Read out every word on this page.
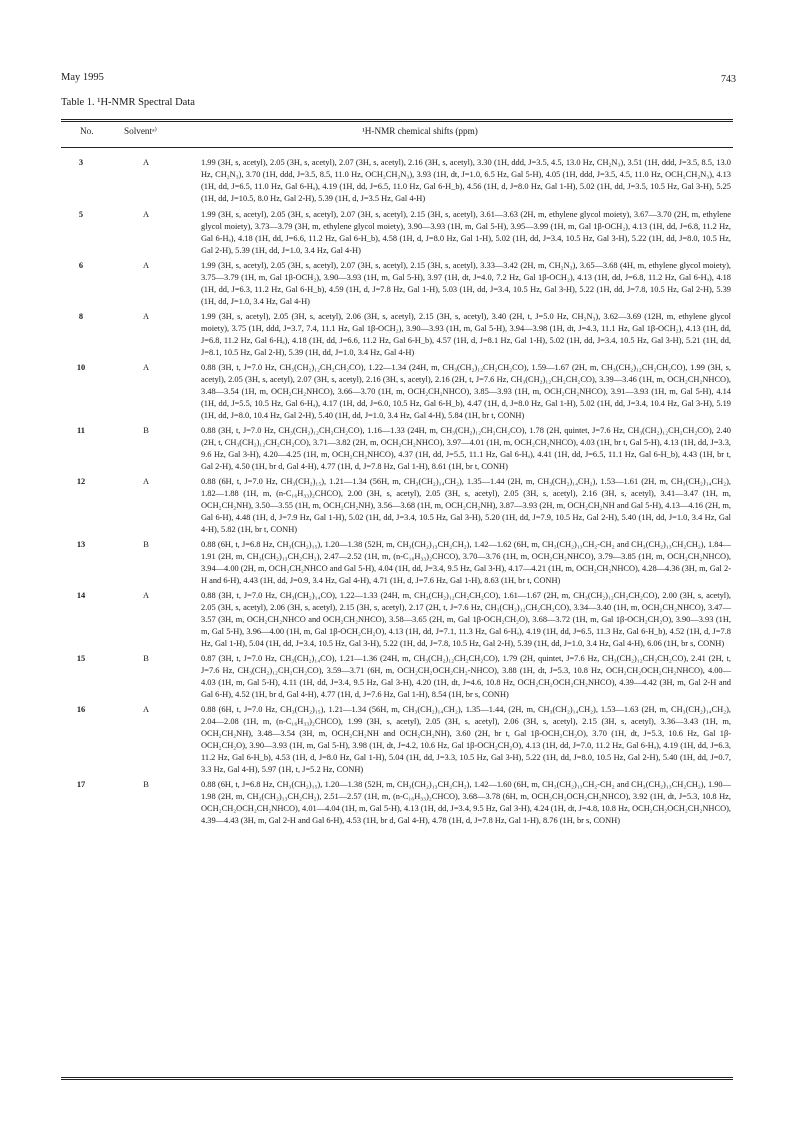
May 1995	743
Table 1. ¹H-NMR Spectral Data
No.	Solventᵃ⁾	¹H-NMR chemical shifts (ppm)
3	A	1.99 (3H, s, acetyl), 2.05 (3H, s, acetyl), 2.07 (3H, s, acetyl), 2.16 (3H, s, acetyl), 3.30 (1H, ddd, J=3.5, 4.5, 13.0 Hz, CH₂N₃), 3.51 (1H, ddd, J=3.5, 8.5, 13.0 Hz, CH₂N₃), 3.70 (1H, ddd, J=3.5, 8.5, 11.0 Hz, OCH₂CH₂N₃), 3.93 (1H, dt, J=1.0, 6.5 Hz, Gal 5-H), 4.05 (1H, ddd, J=3.5, 4.5, 11.0 Hz, OCH₂CH₂N₃), 4.13 (1H, dd, J=6.5, 11.0 Hz, Gal 6-Hₐ), 4.19 (1H, dd, J=6.5, 11.0 Hz, Gal 6-H_b), 4.56 (1H, d, J=8.0 Hz, Gal 1-H), 5.02 (1H, dd, J=3.5, 10.5 Hz, Gal 3-H), 5.25 (1H, dd, J=10.5, 8.0 Hz, Gal 2-H), 5.39 (1H, d, J=3.5 Hz, Gal 4-H)
5	A	1.99 (3H, s, acetyl), 2.05 (3H, s, acetyl), 2.07 (3H, s, acetyl), 2.15 (3H, s, acetyl), 3.61—3.63 (2H, m, ethylene glycol moiety), 3.67—3.70 (2H, m, ethylene glycol moiety), 3.73—3.79 (3H, m, ethylene glycol moiety), 3.90—3.93 (1H, m, Gal 5-H), 3.95—3.99 (1H, m, Gal 1β-OCH₂), 4.13 (1H, dd, J=6.8, 11.2 Hz, Gal 6-Hₐ), 4.18 (1H, dd, J=6.6, 11.2 Hz, Gal 6-H_b), 4.58 (1H, d, J=8.0 Hz, Gal 1-H), 5.02 (1H, dd, J=3.4, 10.5 Hz, Gal 3-H), 5.22 (1H, dd, J=8.0, 10.5 Hz, Gal 2-H), 5.39 (1H, dd, J=1.0, 3.4 Hz, Gal 4-H)
6	A	1.99 (3H, s, acetyl), 2.05 (3H, s, acetyl), 2.07 (3H, s, acetyl), 2.15 (3H, s, acetyl), 3.33—3.42 (2H, m, CH₂N₃), 3.65—3.68 (4H, m, ethylene glycol moiety), 3.75—3.79 (1H, m, Gal 1β-OCH₂), 3.90—3.93 (1H, m, Gal 5-H), 3.97 (1H, dt, J=4.0, 7.2 Hz, Gal 1β-OCH₂), 4.13 (1H, dd, J=6.8, 11.2 Hz, Gal 6-Hₐ), 4.18 (1H, dd, J=6.3, 11.2 Hz, Gal 6-H_b), 4.59 (1H, d, J=7.8 Hz, Gal 1-H), 5.03 (1H, dd, J=3.4, 10.5 Hz, Gal 3-H), 5.22 (1H, dd, J=7.8, 10.5 Hz, Gal 2-H), 5.39 (1H, dd, J=1.0, 3.4 Hz, Gal 4-H)
8	A	1.99 (3H, s, acetyl), 2.05 (3H, s, acetyl), 2.06 (3H, s, acetyl), 2.15 (3H, s, acetyl), 3.40 (2H, t, J=5.0 Hz, CH₂N₃), 3.62—3.69 (12H, m, ethylene glycol moiety), 3.75 (1H, ddd, J=3.7, 7.4, 11.1 Hz, Gal 1β-OCH₂), 3.90—3.93 (1H, m, Gal 5-H), 3.94—3.98 (1H, dt, J=4.3, 11.1 Hz, Gal 1β-OCH₂), 4.13 (1H, dd, J=6.8, 11.2 Hz, Gal 6-Hₐ), 4.18 (1H, dd, J=6.6, 11.2 Hz, Gal 6-H_b), 4.57 (1H, d, J=8.1 Hz, Gal 1-H), 5.02 (1H, dd, J=3.4, 10.5 Hz, Gal 3-H), 5.21 (1H, dd, J=8.1, 10.5 Hz, Gal 2-H), 5.39 (1H, dd, J=1.0, 3.4 Hz, Gal 4-H)
10	A	0.88 (3H, t, J=7.0 Hz, CH₃(CH₂)₁₂CH₂CH₂CO), 1.22—1.34 (24H, m, CH₃(CH₂)₁₂CH₂CH₂CO), 1.59—1.67 (2H, m, CH₃(CH₂)₁₂CH₂CH₂CO), 1.99 (3H, s, acetyl), 2.05 (3H, s, acetyl), 2.07 (3H, s, acetyl), 2.16 (3H, s, acetyl), 2.16 (2H, t, J=7.6 Hz, CH₃(CH₂)₁₂CH₂CH₂CO), 3.39—3.46 (1H, m, OCH₂CH₂NHCO), 3.48—3.54 (1H, m, OCH₂CH₂NHCO), 3.66—3.70 (1H, m, OCH₂CH₂NHCO), 3.85—3.93 (1H, m, OCH₂CH₂NHCO), 3.91—3.93 (1H, m, Gal 5-H), 4.14 (1H, dd, J=5.5, 10.5 Hz, Gal 6-Hₐ), 4.17 (1H, dd, J=6.0, 10.5 Hz, Gal 6-H_b), 4.47 (1H, d, J=8.0 Hz, Gal 1-H), 5.02 (1H, dd, J=3.4, 10.4 Hz, Gal 3-H), 5.19 (1H, dd, J=8.0, 10.4 Hz, Gal 2-H), 5.40 (1H, dd, J=1.0, 3.4 Hz, Gal 4-H), 5.84 (1H, br t, CONH)
11	B	0.88 (3H, t, J=7.0 Hz, CH₃(CH₂)₁₂CH₂CH₂CO), 1.16—1.33 (24H, m, CH₃(CH₂)₁₂CH₂CH₂CO), 1.78 (2H, quintet, J=7.6 Hz, CH₃(CH₂)₁₂CH₂CH₂CO), 2.40 (2H, t, CH₃(CH₂)₁₂CH₂CH₂CO), 3.71—3.82 (2H, m, OCH₂CH₂NHCO), 3.97—4.01 (1H, m, OCH₂CH₂NHCO), 4.03 (1H, br t, Gal 5-H), 4.13 (1H, dd, J=3.3, 9.6 Hz, Gal 3-H), 4.20—4.25 (1H, m, OCH₂CH₂NHCO), 4.37 (1H, dd, J=5.5, 11.1 Hz, Gal 6-Hₐ), 4.41 (1H, dd, J=6.5, 11.1 Hz, Gal 6-H_b), 4.43 (1H, br t, Gal 2-H), 4.50 (1H, br d, Gal 4-H), 4.77 (1H, d, J=7.8 Hz, Gal 1-H), 8.61 (1H, br t, CONH)
12	A	0.88 (6H, t, J=7.0 Hz, CH₃(CH₂)₁₅), 1.21—1.34 (56H, m, CH₃(CH₂)₁₄CH₂), 1.35—1.44 (2H, m, CH₃(CH₂)₁₄CH₂), 1.53—1.61 (2H, m, CH₃(CH₂)₁₄CH₂), 1.82—1.88 (1H, m, (n-C₁₆H₃₃)₂CHCO), 2.00 (3H, s, acetyl), 2.05 (3H, s, acetyl), 2.05 (3H, s, acetyl), 2.16 (3H, s, acetyl), 3.41—3.47 (1H, m, OCH₂CH₂NH), 3.50—3.55 (1H, m, OCH₂CH₂NH), 3.56—3.68 (1H, m, OCH₂CH₂NH), 3.87—3.93 (2H, m, OCH₂CH₂NH and Gal 5-H), 4.13—4.16 (2H, m, Gal 6-H), 4.48 (1H, d, J=7.9 Hz, Gal 1-H), 5.02 (1H, dd, J=3.4, 10.5 Hz, Gal 3-H), 5.20 (1H, dd, J=7.9, 10.5 Hz, Gal 2-H), 5.40 (1H, dd, J=1.0, 3.4 Hz, Gal 4-H), 5.82 (1H, br t, CONH)
13	B	0.88 (6H, t, J=6.8 Hz, CH₃(CH₂)₁₅), 1.20—1.38 (52H, m, CH₃(CH₂)₁₃CH₂CH₂), 1.42—1.62 (6H, m, CH₃(CH₂)₁₃CH₂-CH₂ and CH₃(CH₂)₁₃CH₂CH₂), 1.84—1.91 (2H, m, CH₃(CH₂)₁₃CH₂CH₂), 2.47—2.52 (1H, m, (n-C₁₆H₃₃)₂CHCO), 3.70—3.76 (1H, m, OCH₂CH₂NHCO), 3.79—3.85 (1H, m, OCH₂CH₂NHCO), 3.94—4.00 (2H, m, OCH₂CH₂NHCO and Gal 5-H), 4.04 (1H, dd, J=3.4, 9.5 Hz, Gal 3-H), 4.17—4.21 (1H, m, OCH₂CH₂NHCO), 4.28—4.36 (3H, m, Gal 2-H and 6-H), 4.43 (1H, dd, J=0.9, 3.4 Hz, Gal 4-H), 4.71 (1H, d, J=7.6 Hz, Gal 1-H), 8.63 (1H, br t, CONH)
14	A	0.88 (3H, t, J=7.0 Hz, CH₃(CH₂)₁₄CO), 1.22—1.33 (24H, m, CH₃(CH₂)₁₂CH₂CH₂CO), 1.61—1.67 (2H, m, CH₃(CH₂)₁₂CH₂CH₂CO), 2.00 (3H, s, acetyl), 2.05 (3H, s, acetyl), 2.06 (3H, s, acetyl), 2.15 (3H, s, acetyl), 2.17 (2H, t, J=7.6 Hz, CH₃(CH₂)₁₂CH₂CH₂CO), 3.34—3.40 (1H, m, OCH₂CH₂NHCO), 3.47—3.57 (3H, m, OCH₂CH₂NHCO and OCH₂CH₂NHCO), 3.58—3.65 (2H, m, Gal 1β-OCH₂CH₂O), 3.68—3.72 (1H, m, Gal 1β-OCH₂CH₂O), 3.90—3.93 (1H, m, Gal 5-H), 3.96—4.00 (1H, m, Gal 1β-OCH₂CH₂O), 4.13 (1H, dd, J=7.1, 11.3 Hz, Gal 6-Hₐ), 4.19 (1H, dd, J=6.5, 11.3 Hz, Gal 6-H_b), 4.52 (1H, d, J=7.8 Hz, Gal 1-H), 5.04 (1H, dd, J=3.4, 10.5 Hz, Gal 3-H), 5.22 (1H, dd, J=7.8, 10.5 Hz, Gal 2-H), 5.39 (1H, dd, J=1.0, 3.4 Hz, Gal 4-H), 6.06 (1H, br s, CONH)
15	B	0.87 (3H, t, J=7.0 Hz, CH₃(CH₂)₁₄CO), 1.21—1.36 (24H, m, CH₃(CH₂)₁₂CH₂CH₂CO), 1.79 (2H, quintet, J=7.6 Hz, CH₃(CH₂)₁₂CH₂CH₂CO), 2.41 (2H, t, J=7.6 Hz, CH₃(CH₂)₁₂CH₂CH₂CO), 3.59—3.71 (6H, m, OCH₂CH₂OCH₂CH₂-NHCO), 3.88 (1H, dt, J=5.3, 10.8 Hz, OCH₂CH₂OCH₂CH₂NHCO), 4.00—4.03 (1H, m, Gal 5-H), 4.11 (1H, dd, J=3.4, 9.5 Hz, Gal 3-H), 4.20 (1H, dt, J=4.6, 10.8 Hz, OCH₂CH₂OCH₂CH₂NHCO), 4.39—4.42 (3H, m, Gal 2-H and Gal 6-H), 4.52 (1H, br d, Gal 4-H), 4.77 (1H, d, J=7.6 Hz, Gal 1-H), 8.54 (1H, br s, CONH)
16	A	0.88 (6H, t, J=7.0 Hz, CH₃(CH₂)₁₅), 1.21—1.34 (56H, m, CH₃(CH₂)₁₄CH₂), 1.35—1.44, (2H, m, CH₃(CH₂)₁₄CH₂), 1.53—1.63 (2H, m, CH₃(CH₂)₁₄CH₂), 2.04—2.08 (1H, m, (n-C₁₆H₃₃)₂CHCO), 1.99 (3H, s, acetyl), 2.05 (3H, s, acetyl), 2.06 (3H, s, acetyl), 2.15 (3H, s, acetyl), 3.36—3.43 (1H, m, OCH₂CH₂NH), 3.48—3.54 (3H, m, OCH₂CH₂NH and OCH₂CH₂NH), 3.60 (2H, br t, Gal 1β-OCH₂CH₂O), 3.70 (1H, dt, J=5.3, 10.6 Hz, Gal 1β-OCH₂CH₂O), 3.90—3.93 (1H, m, Gal 5-H), 3.98 (1H, dt, J=4.2, 10.6 Hz, Gal 1β-OCH₂CH₂O), 4.13 (1H, dd, J=7.0, 11.2 Hz, Gal 6-Hₐ), 4.19 (1H, dd, J=6.3, 11.2 Hz, Gal 6-H_b), 4.53 (1H, d, J=8.0 Hz, Gal 1-H), 5.04 (1H, dd, J=3.3, 10.5 Hz, Gal 3-H), 5.22 (1H, dd, J=8.0, 10.5 Hz, Gal 2-H), 5.40 (1H, dd, J=0.7, 3.3 Hz, Gal 4-H), 5.97 (1H, t, J=5.2 Hz, CONH)
17	B	0.88 (6H, t, J=6.8 Hz, CH₃(CH₂)₁₅), 1.20—1.38 (52H, m, CH₃(CH₂)₁₃CH₂CH₂), 1.42—1.60 (6H, m, CH₃(CH₂)₁₃CH₂-CH₂ and CH₃(CH₂)₁₃CH₂CH₂), 1.90—1.98 (2H, m, CH₃(CH₂)₁₃CH₂CH₂), 2.51—2.57 (1H, m, (n-C₁₆H₃₃)₂CHCO), 3.68—3.78 (6H, m, OCH₂CH₂OCH₂CH₂NHCO), 3.92 (1H, dt, J=5.3, 10.8 Hz, OCH₂CH₂OCH₂CH₂NHCO), 4.01—4.04 (1H, m, Gal 5-H), 4.13 (1H, dd, J=3.4, 9.5 Hz, Gal 3-H), 4.24 (1H, dt, J=4.8, 10.8 Hz, OCH₂CH₂OCH₂CH₂NHCO), 4.39—4.43 (3H, m, Gal 2-H and Gal 6-H), 4.53 (1H, br d, Gal 4-H), 4.78 (1H, d, J=7.8 Hz, Gal 1-H), 8.76 (1H, br s, CONH)
